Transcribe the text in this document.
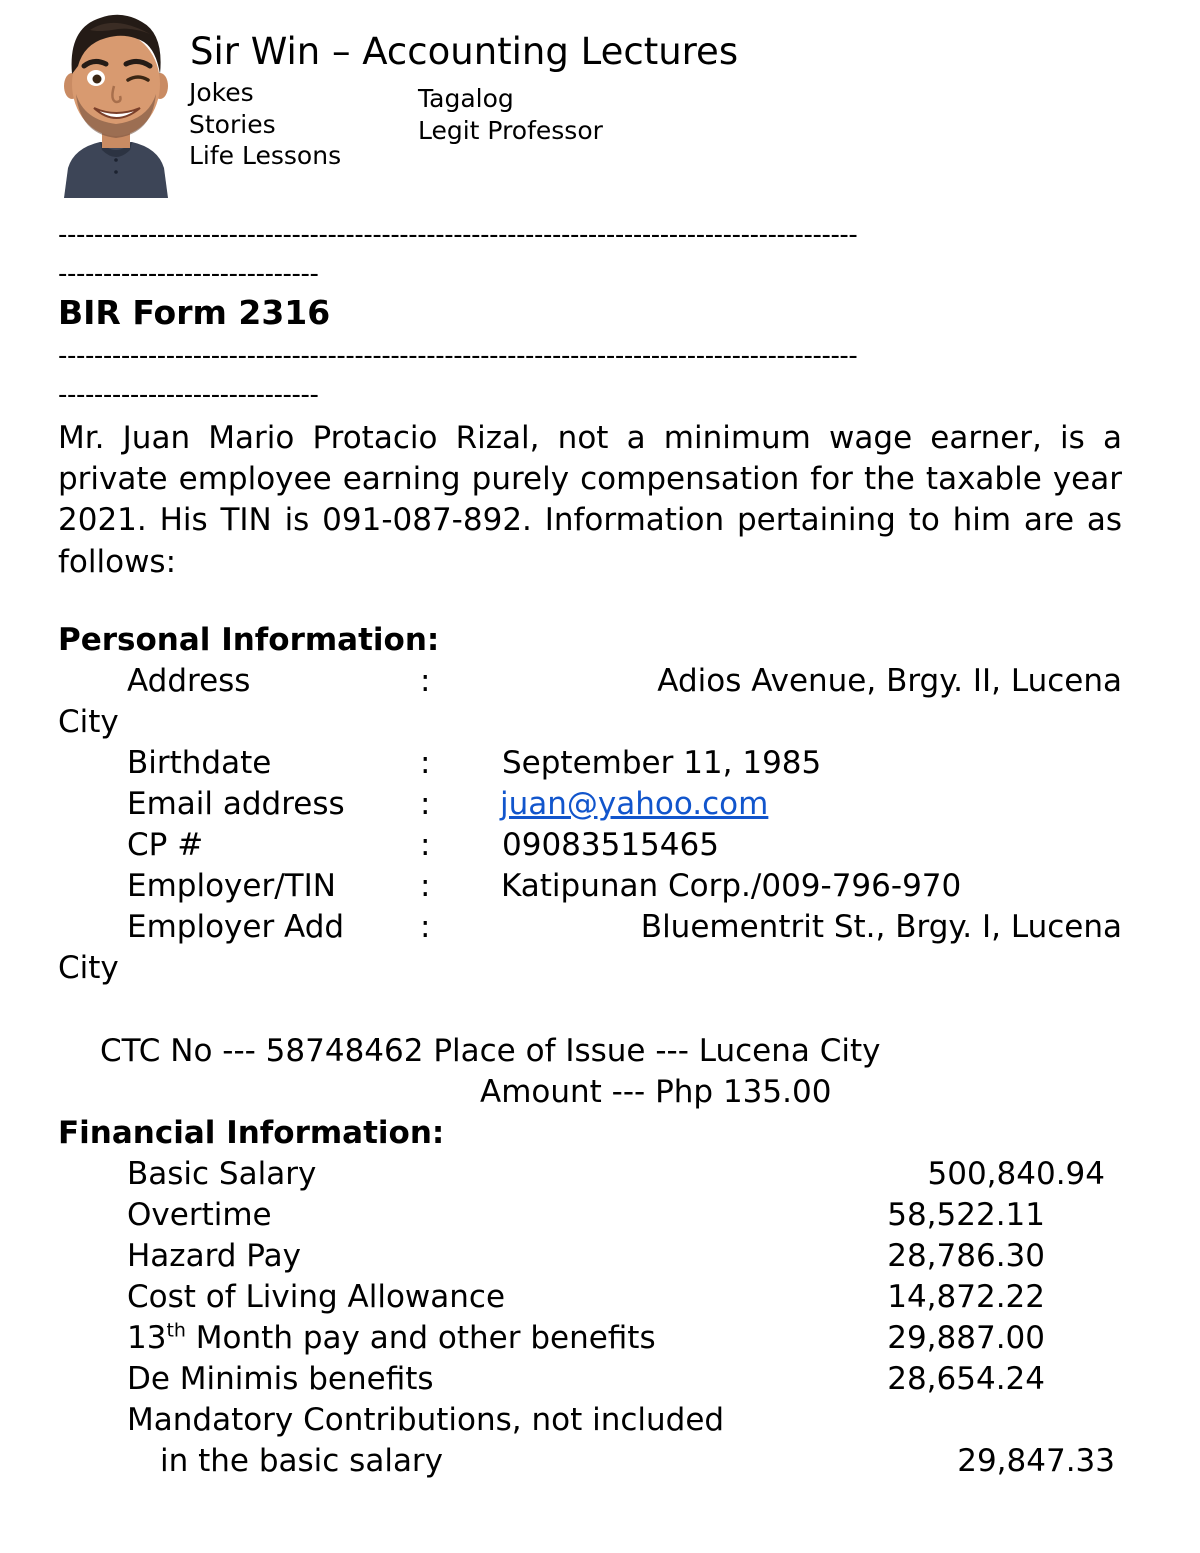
Sir Win – Accounting Lectures
Jokes
Stories
Life Lessons
Tagalog
Legit Professor
-----------------------------------------------------------------------------------------
-----------------------------
BIR Form 2316
-----------------------------------------------------------------------------------------
-----------------------------
Mr. Juan Mario Protacio Rizal, not a minimum wage earner, is a private employee earning purely compensation for the taxable year 2021. His TIN is 091-087-892. Information pertaining to him are as follows:
Personal Information:
Address	:	Adios Avenue, Brgy. II, Lucena
City
Birthdate	: September 11, 1985
Email address : juan@yahoo.com
CP #	: 09083515465
Employer/TIN	: Katipunan Corp./009-796-970
Employer Add :	Bluementrit St., Brgy. I, Lucena
City
CTC No --- 58748462 Place of Issue --- Lucena City
Amount --- Php 135.00
Financial Information:
Basic Salary	500,840.94
Overtime	58,522.11
Hazard Pay	28,786.30
Cost of Living Allowance	14,872.22
13th Month pay and other benefits	29,887.00
De Minimis benefits	28,654.24
Mandatory Contributions, not included
in the basic salary	29,847.33
